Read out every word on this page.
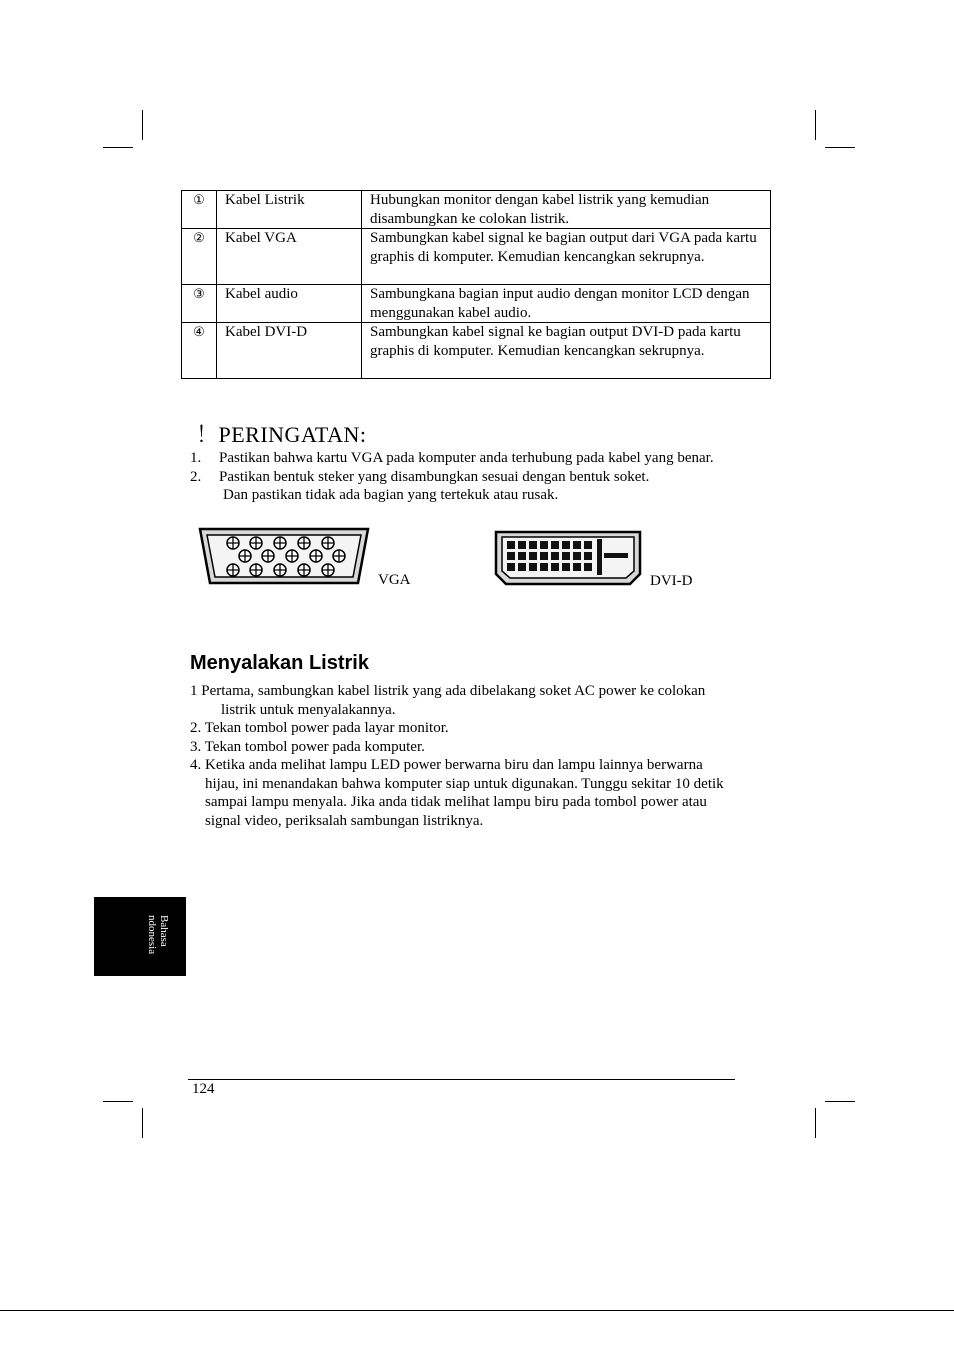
①	Kabel Listrik	Hubungkan monitor dengan kabel listrik yang kemudian disambungkan ke colokan listrik.
②	Kabel VGA	Sambungkan kabel signal ke bagian output dari VGA pada kartu graphis di komputer. Kemudian kencangkan sekrupnya.
③	Kabel audio	Sambungkana bagian input audio dengan monitor LCD dengan menggunakan kabel audio.
④	Kabel DVI-D	Sambungkan kabel signal ke bagian output DVI-D pada kartu graphis di komputer. Kemudian kencangkan sekrupnya.
！PERINGATAN:
1.	Pastikan bahwa kartu VGA pada komputer anda terhubung pada kabel yang benar.
2.	Pastikan bentuk steker yang disambungkan sesuai dengan bentuk soket.
Dan pastikan tidak ada bagian yang tertekuk atau rusak.
VGA	DVI-D
Menyalakan Listrik
1 Pertama, sambungkan kabel listrik yang ada dibelakang soket AC power ke colokan
listrik untuk menyalakannya.
2. Tekan tombol power pada layar monitor.
3. Tekan tombol power pada komputer.
4. Ketika anda melihat lampu LED power berwarna biru dan lampu lainnya berwarna
hijau, ini menandakan bahwa komputer siap untuk digunakan. Tunggu sekitar 10 detik
sampai lampu menyala. Jika anda tidak melihat lampu biru pada tombol power atau
signal video, periksalah sambungan listriknya.
Bahasa
ndonesia
124
